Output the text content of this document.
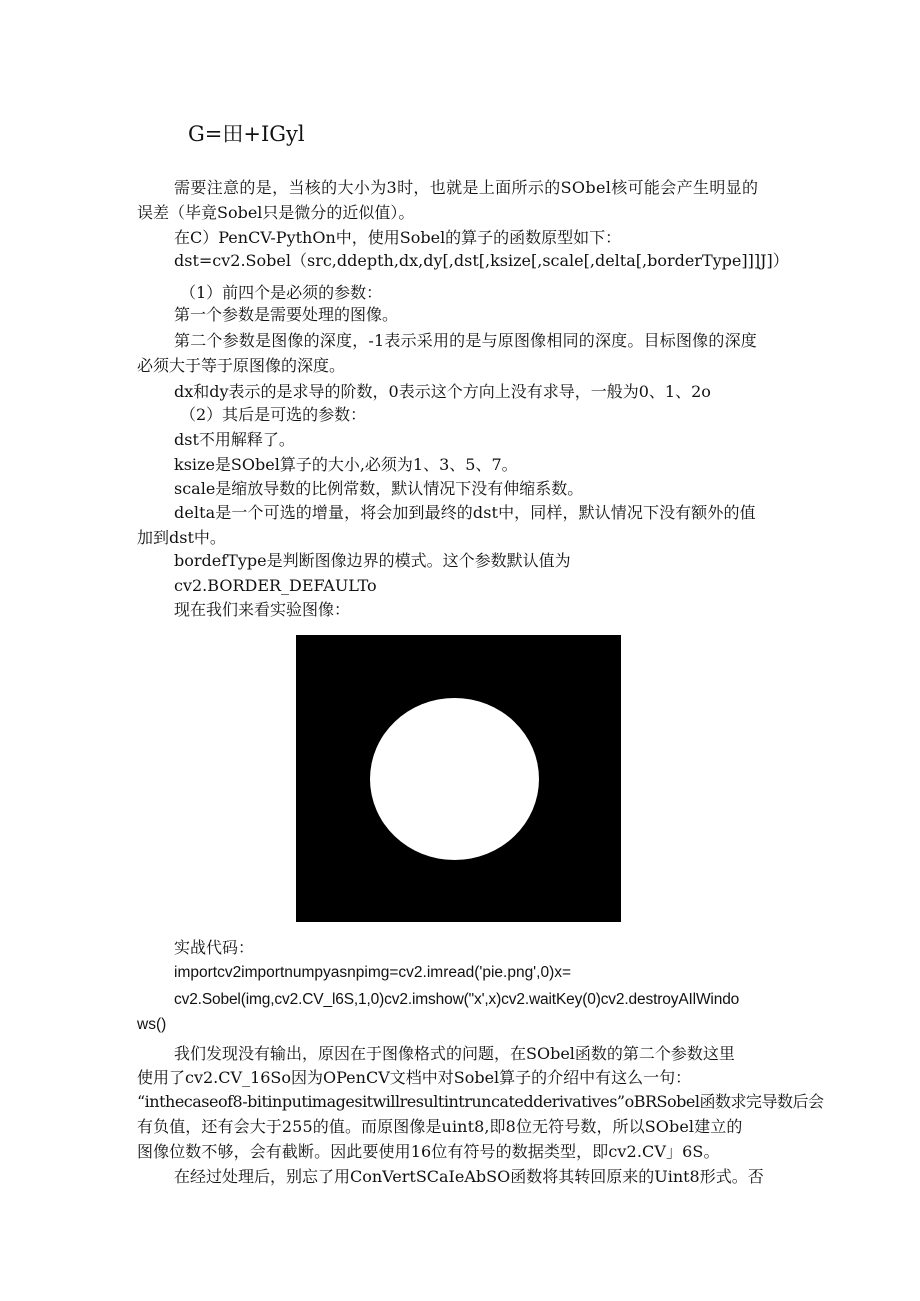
G=田+IGyl
需要注意的是，当核的大小为3时，也就是上面所示的SObel核可能会产生明显的
误差（毕竟Sobel只是微分的近似值）。
在C）PenCV-PythOn中，使用Sobel的算子的函数原型如下：
dst=cv2.Sobel（src,ddepth,dx,dy[,dst[,ksize[,scale[,delta[,borderType]]]J]）
（1）前四个是必须的参数：
第一个参数是需要处理的图像。
第二个参数是图像的深度，-1表示采用的是与原图像相同的深度。目标图像的深度
必须大于等于原图像的深度。
dx和dy表示的是求导的阶数，0表示这个方向上没有求导，一般为0、1、2o
（2）其后是可选的参数：
dst不用解释了。
ksize是SObel算子的大小,必须为1、3、5、7。
scale是缩放导数的比例常数，默认情况下没有伸缩系数。
delta是一个可选的增量，将会加到最终的dst中，同样，默认情况下没有额外的值
加到dst中。
bordefType是判断图像边界的模式。这个参数默认值为
cv2.BORDER_DEFAULTo
现在我们来看实验图像：
实战代码：
importcv2importnumpyasnpimg=cv2.imread('pie.png',0)x=
cv2.Sobel(img,cv2.CV_l6S,1,0)cv2.imshow("x',x)cv2.waitKey(0)cv2.destroyAIlWindo
ws()
我们发现没有输出，原因在于图像格式的问题，在SObel函数的第二个参数这里
使用了cv2.CV_16So因为OPenCV文档中对Sobel算子的介绍中有这么一句：
“inthecaseof8-bitinputimagesitwillresultintruncatedderivatives”oBRSobel函数求完导数后会
有负值，还有会大于255的值。而原图像是uint8,即8位无符号数，所以SObel建立的
图像位数不够，会有截断。因此要使用16位有符号的数据类型，即cv2.CV」6S。
在经过处理后，别忘了用ConVertSCaIeAbSO函数将其转回原来的Uint8形式。否
